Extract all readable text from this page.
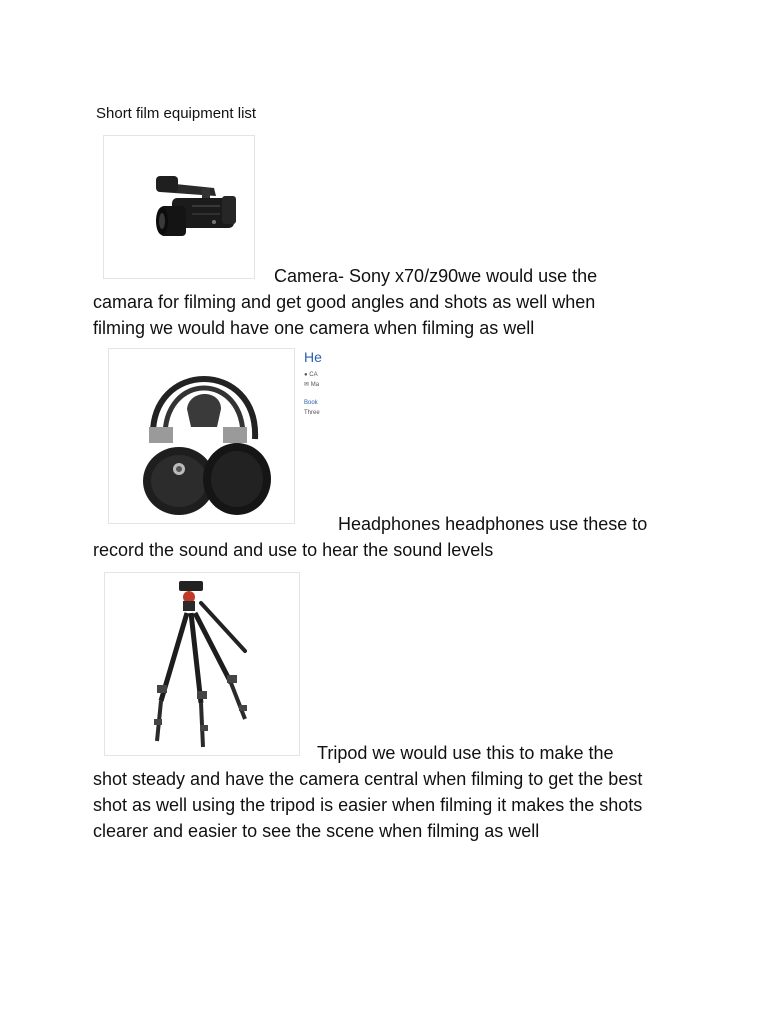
Short film equipment list
Camera- Sony x70/z90we would use the
camara for filming and get good angles and shots as well when
filming we would have one camera when filming as well
He
● CA
✉ Ma
Book
Three
Headphones headphones use these to
record the sound and use to hear the sound levels
Tripod we would use this to make the
shot steady and have the camera central when filming to get the best
shot as well using the tripod is easier when filming it makes the shots
clearer and easier to see the scene when filming as well
